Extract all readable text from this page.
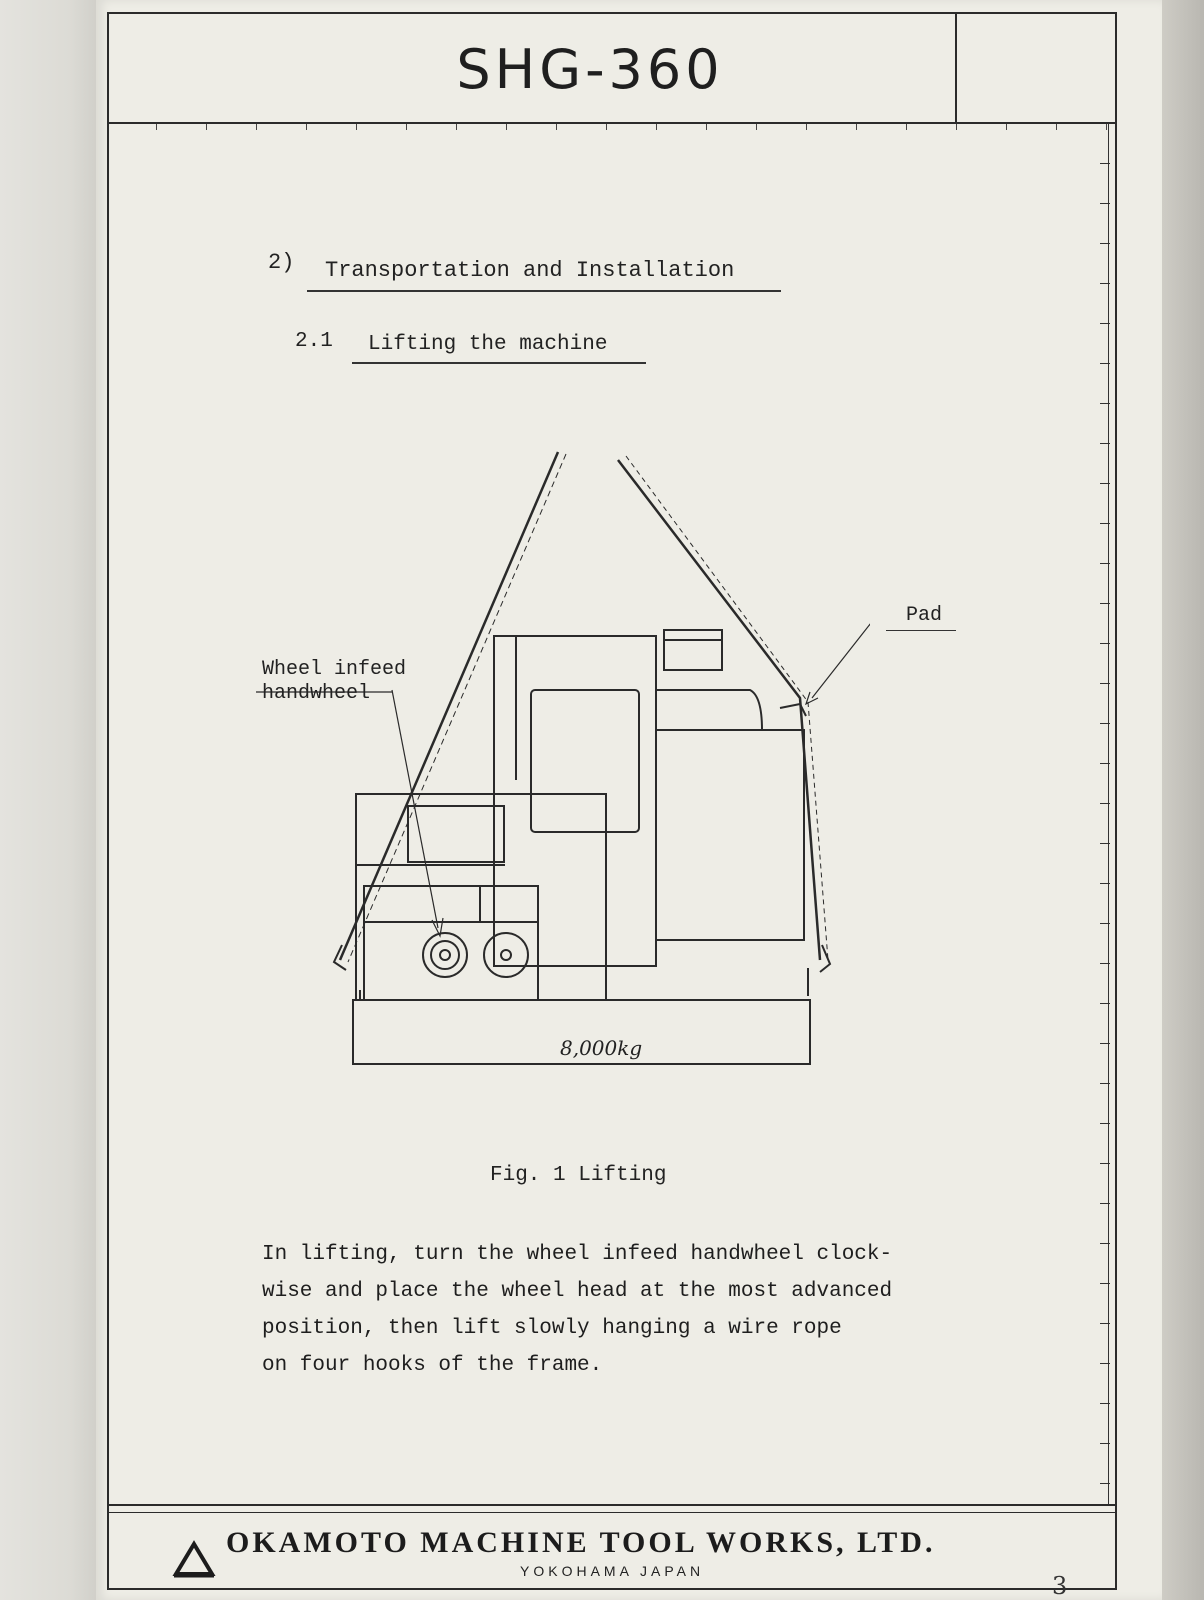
SHG-360
2) Transportation and Installation
2.1 Lifting the machine
Wheel infeed
handwheel
Pad
8,000kg
Fig. 1 Lifting
In lifting, turn the wheel infeed handwheel clock-
wise and place the wheel head at the most advanced
position, then lift slowly hanging a wire rope
on four hooks of the frame.
OKAMOTO MACHINE TOOL WORKS, LTD.
YOKOHAMA JAPAN
3
